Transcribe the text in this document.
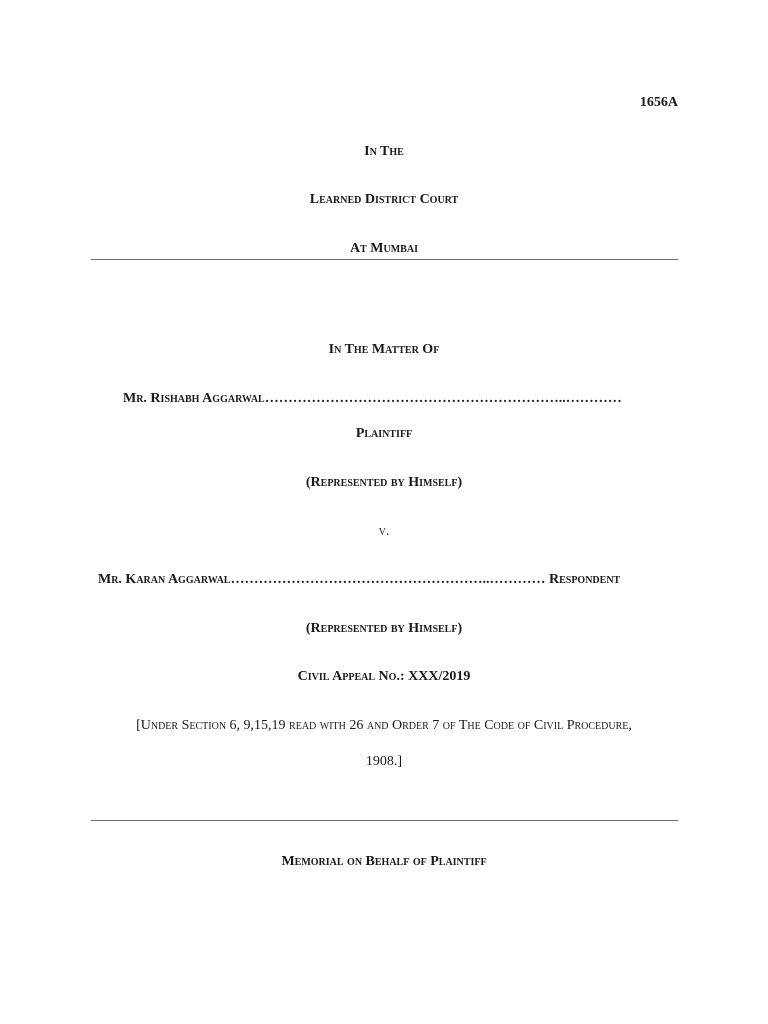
1656A
In The
Learned District Court
At Mumbai
In The Matter Of
Mr. Rishabh Aggarwal………………………………………………………..…………
Plaintiff
(Represented by Himself)
v.
Mr. Karan Aggarwal………………………………………………..………… Respondent
(Represented by Himself)
Civil Appeal No.: XXX/2019
[Under Section 6, 9,15,19 read with 26 and Order 7 of The Code of Civil Procedure,
1908.]
Memorial on Behalf of Plaintiff
